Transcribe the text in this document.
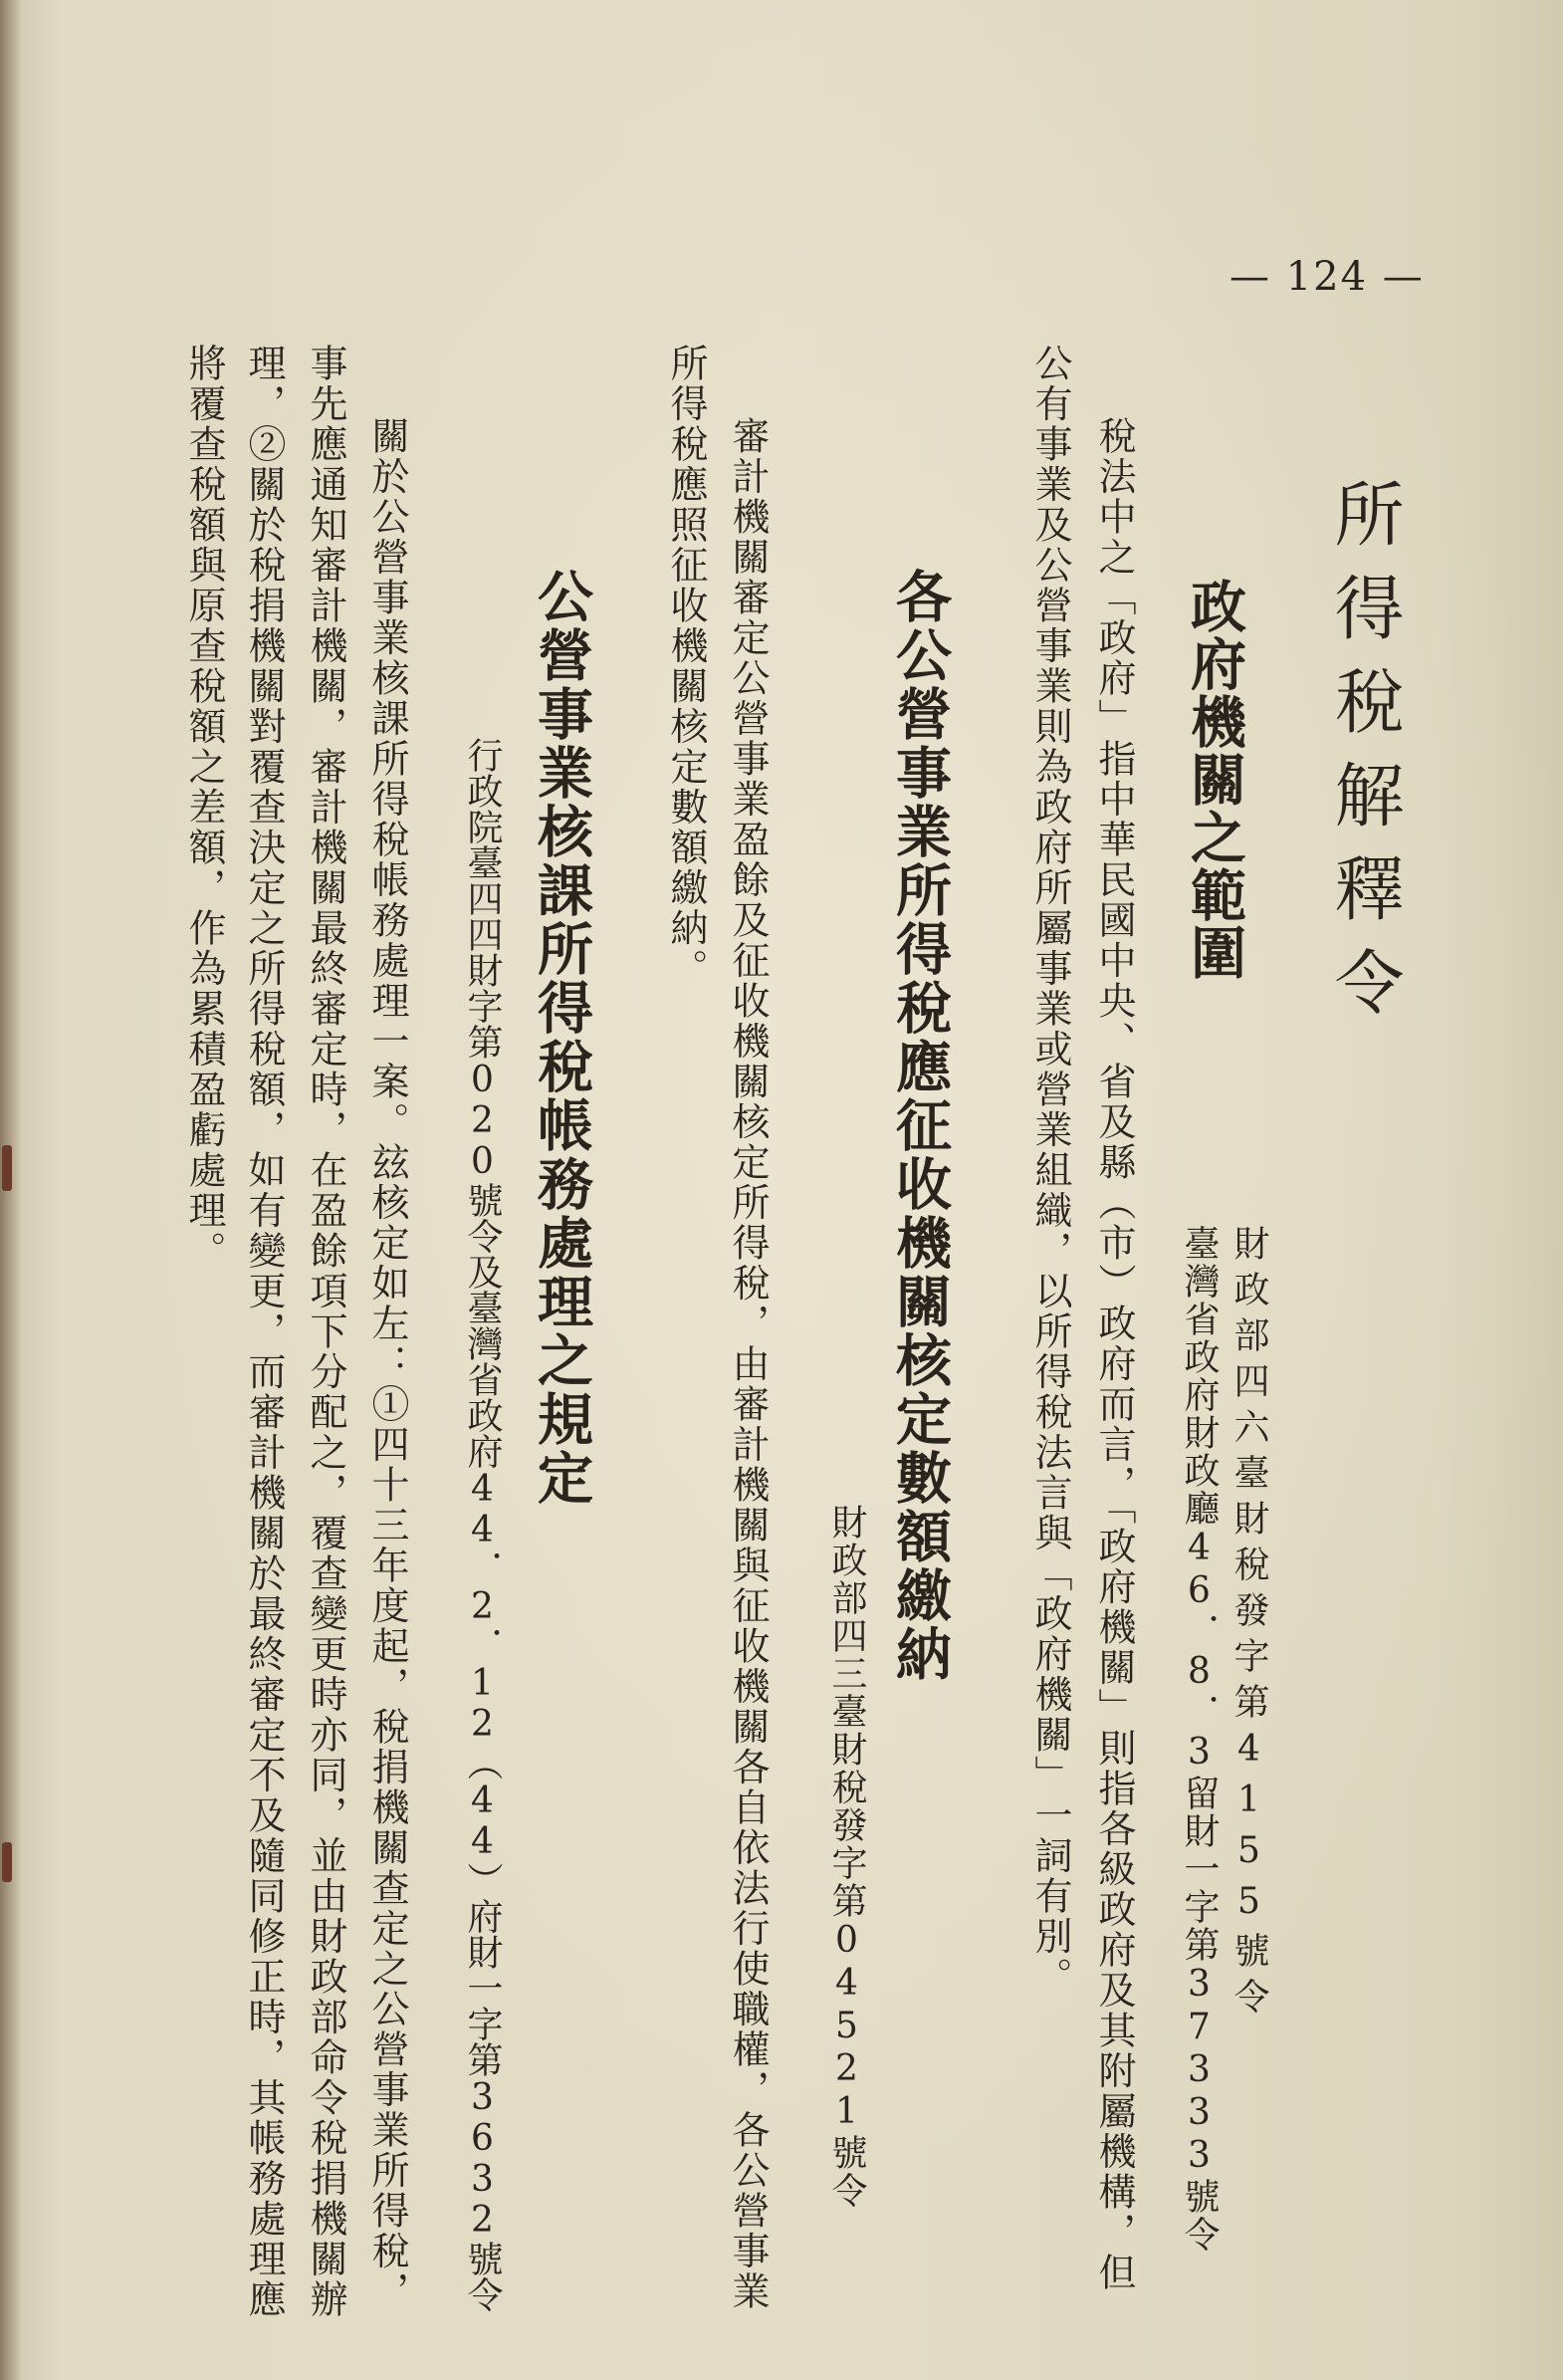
— 124 —
所得稅解釋令
政府機關之範圍
財政部四六臺財稅發字第4155號令
臺灣省政府財政廳46．8．3留財一字第37333號令
稅法中之「政府」指中華民國中央、省及縣（市）政府而言，「政府機關」則指各級政府及其附屬機構，但
公有事業及公營事業則為政府所屬事業或營業組織，以所得稅法言與「政府機關」一詞有別。
各公營事業所得稅應征收機關核定數額繳納
財政部四三臺財稅發字第04521號令
審計機關審定公營事業盈餘及征收機關核定所得稅，由審計機關與征收機關各自依法行使職權，各公營事業
所得稅應照征收機關核定數額繳納。
公營事業核課所得稅帳務處理之規定
行政院臺四四財字第020號令及臺灣省政府44．2．12（44）府財一字第3632號令
關於公營事業核課所得稅帳務處理一案。玆核定如左：①四十三年度起，稅捐機關查定之公營事業所得稅，
事先應通知審計機關，審計機關最終審定時，在盈餘項下分配之，覆查變更時亦同，並由財政部命令稅捐機關辦
理，②關於稅捐機關對覆查決定之所得稅額，如有變更，而審計機關於最終審定不及隨同修正時，其帳務處理應
將覆查稅額與原查稅額之差額，作為累積盈虧處理。
